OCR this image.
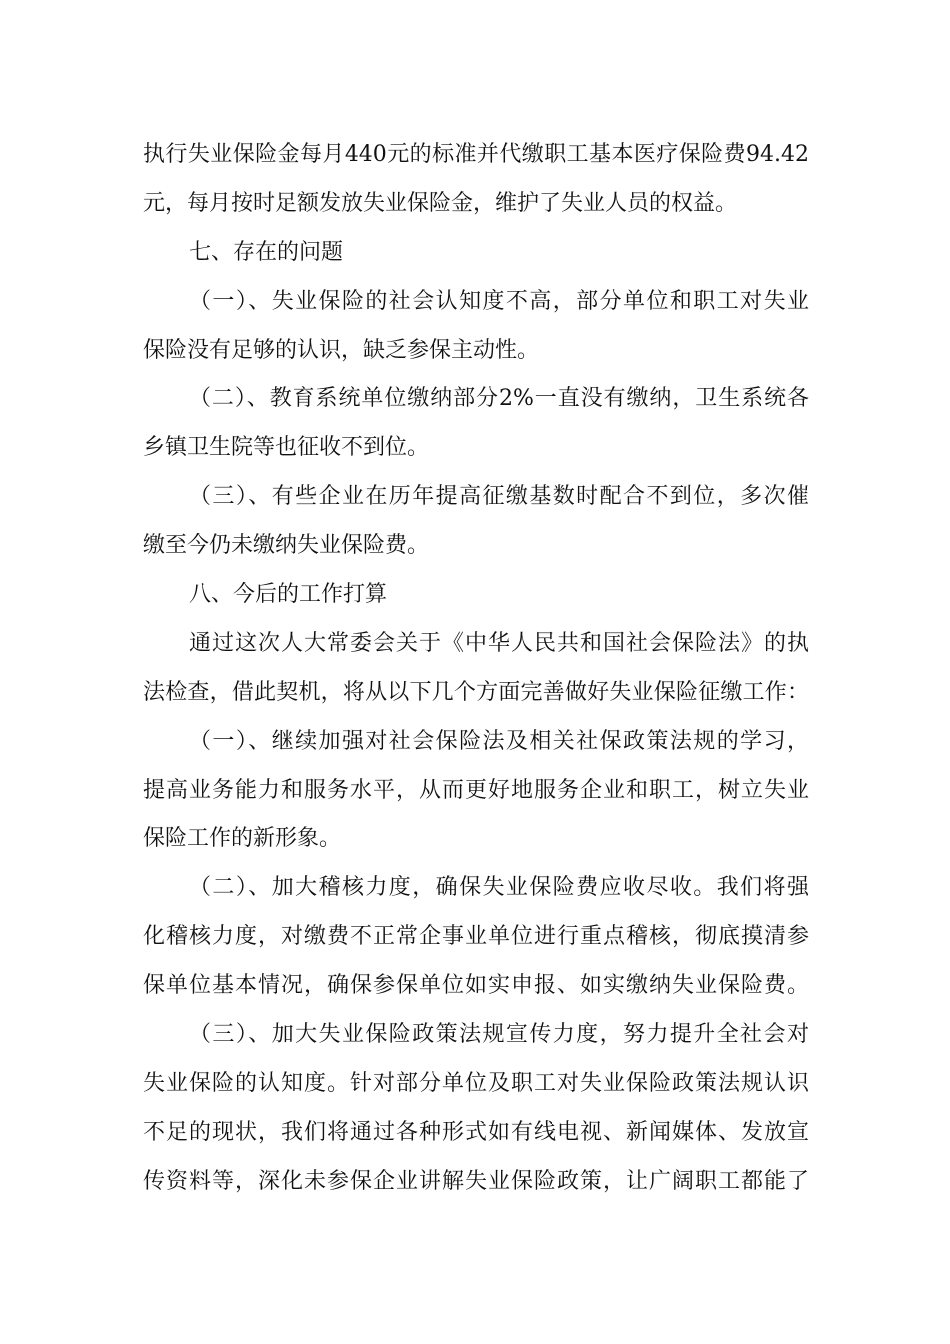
执行失业保险金每月440元的标准并代缴职工基本医疗保险费94.42
元，每月按时足额发放失业保险金，维护了失业人员的权益。
七、存在的问题
（一）、失业保险的社会认知度不高，部分单位和职工对失业
保险没有足够的认识，缺乏参保主动性。
（二）、教育系统单位缴纳部分2%一直没有缴纳，卫生系统各
乡镇卫生院等也征收不到位。
（三）、有些企业在历年提高征缴基数时配合不到位，多次催
缴至今仍未缴纳失业保险费。
八、今后的工作打算
通过这次人大常委会关于《中华人民共和国社会保险法》的执
法检查，借此契机，将从以下几个方面完善做好失业保险征缴工作：
（一）、继续加强对社会保险法及相关社保政策法规的学习，
提高业务能力和服务水平，从而更好地服务企业和职工，树立失业
保险工作的新形象。
（二）、加大稽核力度，确保失业保险费应收尽收。我们将强
化稽核力度，对缴费不正常企事业单位进行重点稽核，彻底摸清参
保单位基本情况，确保参保单位如实申报、如实缴纳失业保险费。
（三）、加大失业保险政策法规宣传力度，努力提升全社会对
失业保险的认知度。针对部分单位及职工对失业保险政策法规认识
不足的现状，我们将通过各种形式如有线电视、新闻媒体、发放宣
传资料等，深化未参保企业讲解失业保险政策，让广阔职工都能了
